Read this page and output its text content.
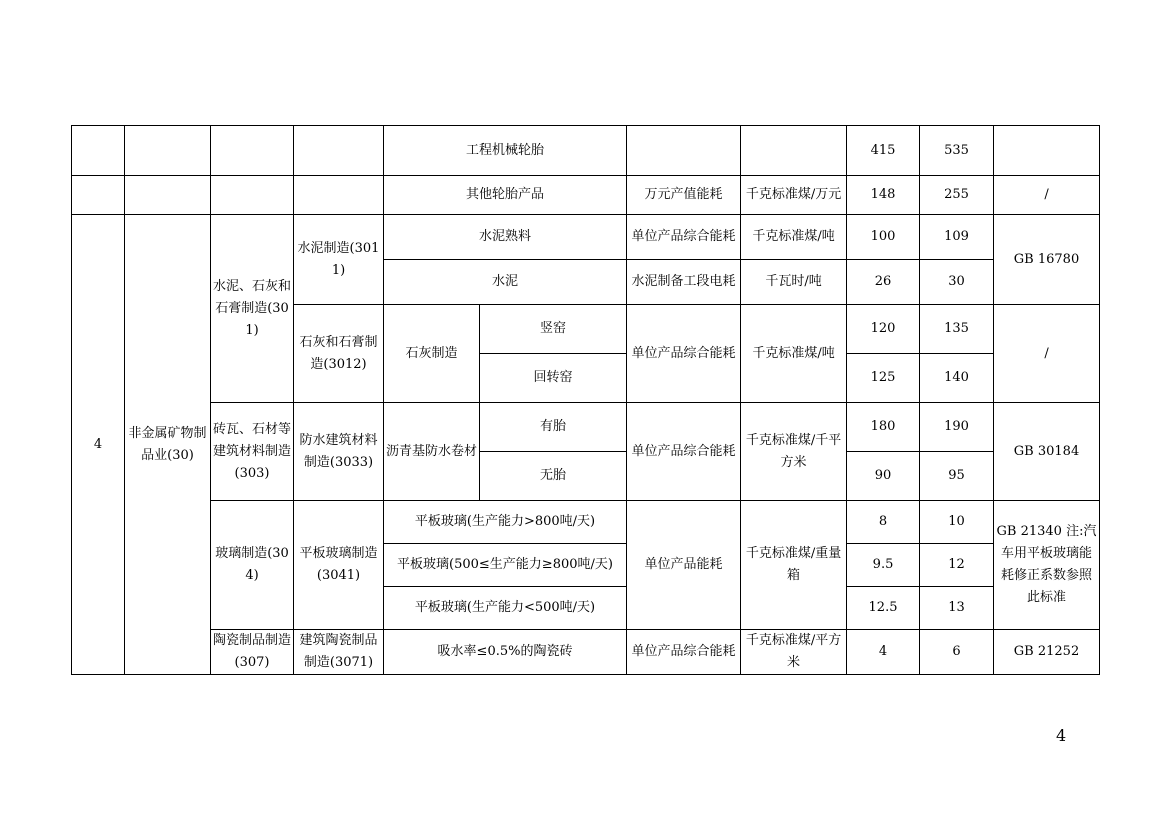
				工程机械轮胎				415	535	
				其他轮胎产品		万元产值能耗	千克标准煤/万元	148	255	/
4	非金属矿物制品业(30)	水泥、石灰和石膏制造(301)	水泥制造(3011)	水泥熟料		单位产品综合能耗	千克标准煤/吨	100	109	GB 16780
				水泥		水泥制备工段电耗	千瓦时/吨	26	30	
			石灰和石膏制造(3012)	石灰制造	竖窑	单位产品综合能耗	千克标准煤/吨	120	135	/
					回转窑			125	140	
		砖瓦、石材等建筑材料制造(303)	防水建筑材料制造(3033)	沥青基防水卷材	有胎	单位产品综合能耗	千克标准煤/千平方米	180	190	GB 30184
					无胎			90	95	
		玻璃制造(304)	平板玻璃制造(3041)	平板玻璃(生产能力>800吨/天)		单位产品能耗	千克标准煤/重量箱	8	10	GB 21340 注:汽车用平板玻璃能耗修正系数参照此标准
				平板玻璃(500≤生产能力≥800吨/天)				9.5	12	
				平板玻璃(生产能力<500吨/天)				12.5	13	
		陶瓷制品制造(307)	建筑陶瓷制品制造(3071)	吸水率≤0.5%的陶瓷砖		单位产品综合能耗	千克标准煤/平方米	4	6	GB 21252
4
